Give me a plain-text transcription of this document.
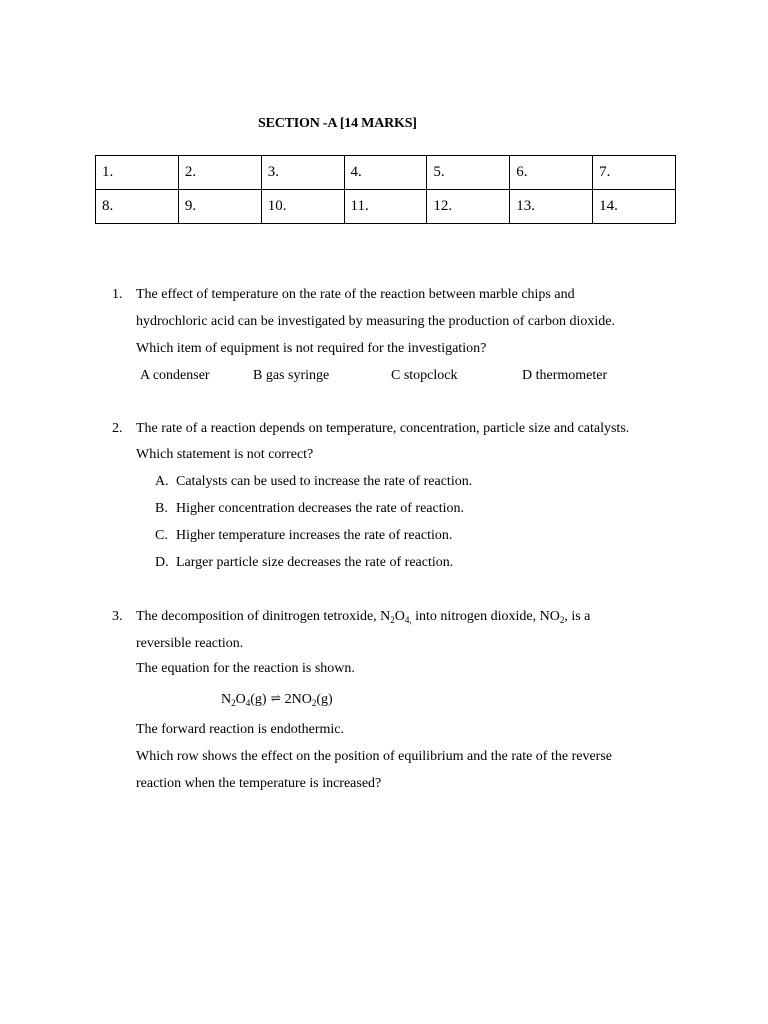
SECTION -A [14 MARKS]
1.	2.	3.	4.	5.	6.	7.
8.	9.	10.	11.	12.	13.	14.
1. The effect of temperature on the rate of the reaction between marble chips and
hydrochloric acid can be investigated by measuring the production of carbon dioxide.
Which item of equipment is not required for the investigation?
A condenser	B gas syringe	C stopclock	D thermometer
2. The rate of a reaction depends on temperature, concentration, particle size and catalysts.
Which statement is not correct?
A. Catalysts can be used to increase the rate of reaction.
B. Higher concentration decreases the rate of reaction.
C. Higher temperature increases the rate of reaction.
D. Larger particle size decreases the rate of reaction.
3. The decomposition of dinitrogen tetroxide, $N_2O_{4,}$ into nitrogen dioxide, $NO_2$, is a
reversible reaction.
The equation for the reaction is shown.
$N_2O_4(g)$ ⇌ $2NO_2(g)$
The forward reaction is endothermic.
Which row shows the effect on the position of equilibrium and the rate of the reverse
reaction when the temperature is increased?
